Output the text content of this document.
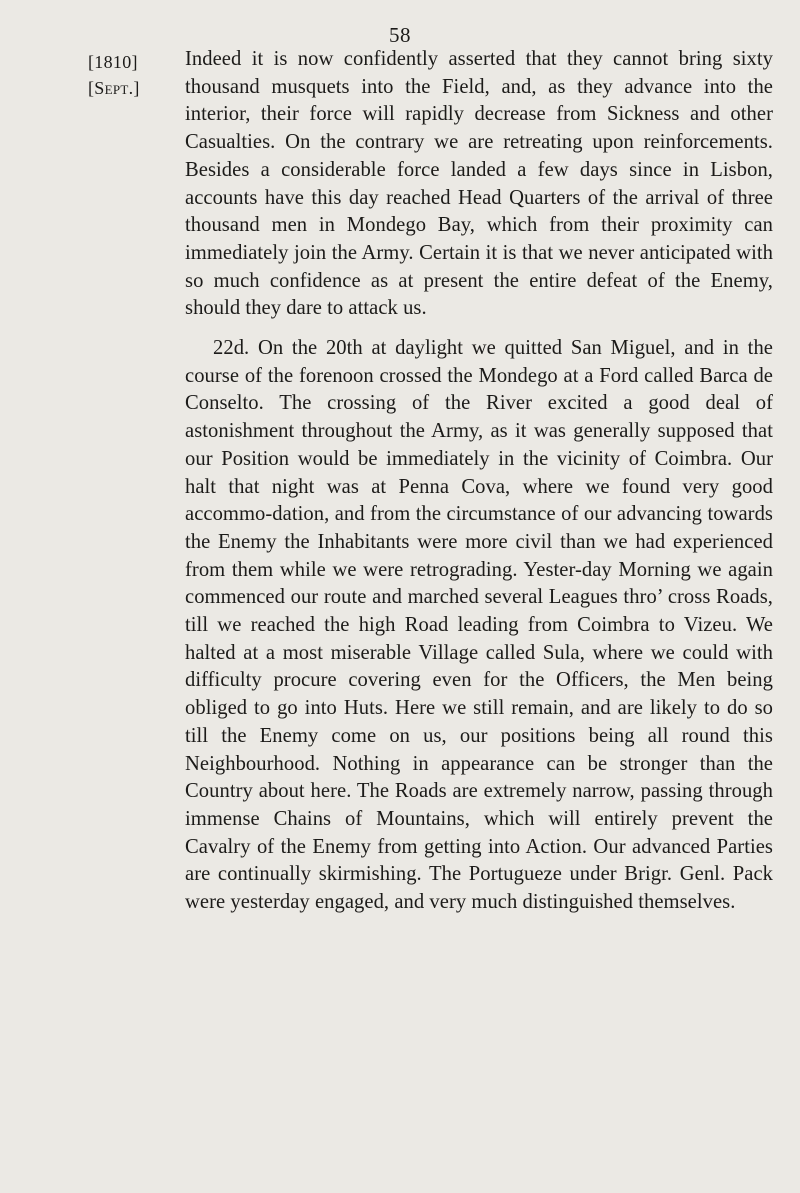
58
[1810]
[Sept.]

Indeed it is now confidently asserted that they cannot bring sixty thousand musquets into the Field, and, as they advance into the interior, their force will rapidly decrease from Sickness and other Casualties. On the contrary we are retreating upon reinforcements. Besides a considerable force landed a few days since in Lisbon, accounts have this day reached Head Quarters of the arrival of three thousand men in Mondego Bay, which from their proximity can immediately join the Army. Certain it is that we never anticipated with so much confidence as at present the entire defeat of the Enemy, should they dare to attack us.

22d. On the 20th at daylight we quitted San Miguel, and in the course of the forenoon crossed the Mondego at a Ford called Barca de Conselto. The crossing of the River excited a good deal of astonishment throughout the Army, as it was generally supposed that our Position would be immediately in the vicinity of Coimbra. Our halt that night was at Penna Cova, where we found very good accommo-dation, and from the circumstance of our advancing towards the Enemy the Inhabitants were more civil than we had experienced from them while we were retrograding. Yester-day Morning we again commenced our route and marched several Leagues thro’ cross Roads, till we reached the high Road leading from Coimbra to Vizeu. We halted at a most miserable Village called Sula, where we could with difficulty procure covering even for the Officers, the Men being obliged to go into Huts. Here we still remain, and are likely to do so till the Enemy come on us, our positions being all round this Neighbourhood. Nothing in appearance can be stronger than the Country about here. The Roads are extremely narrow, passing through immense Chains of Mountains, which will entirely prevent the Cavalry of the Enemy from getting into Action. Our advanced Parties are continually skirmishing. The Portugueze under Brigr. Genl. Pack were yesterday engaged, and very much distinguished themselves.
